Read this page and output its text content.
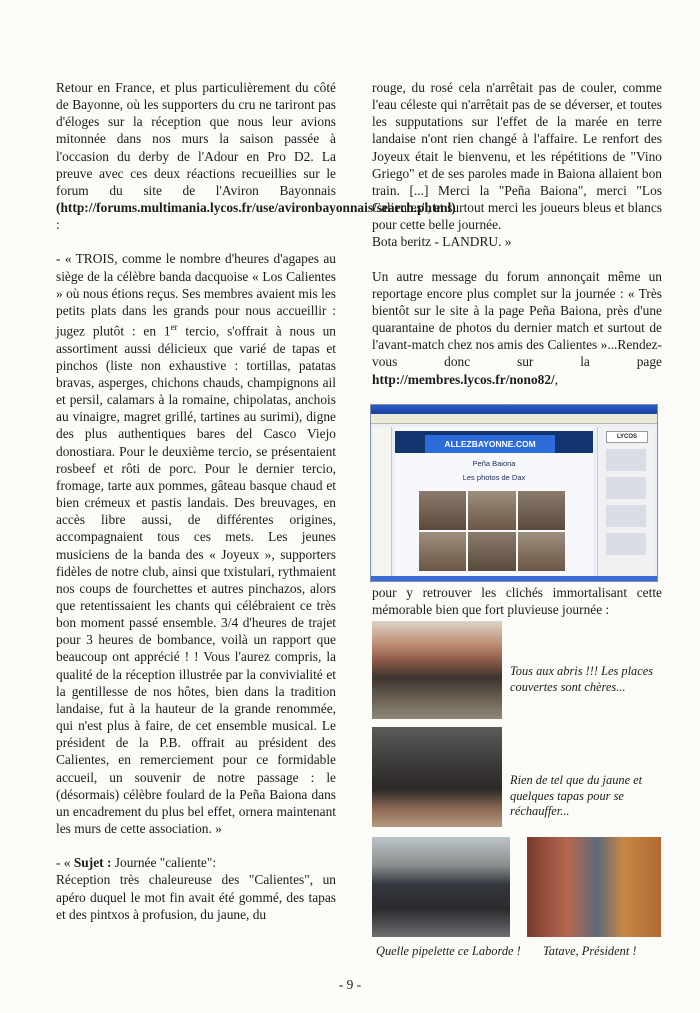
Retour en France, et plus particulièrement du côté de Bayonne, où les supporters du cru ne tariront pas d'éloges sur la réception que nous leur avions mitonnée dans nos murs la saison passée à l'occasion du derby de l'Adour en Pro D2. La preuve avec ces deux réactions recueillies sur le forum du site de l'Aviron Bayonnais (http://forums.multimania.lycos.fr/use/avironbayonnais/search.phtml) :

- « TROIS, comme le nombre d'heures d'agapes au siège de la célèbre banda dacquoise « Los Calientes » où nous étions reçus. Ses membres avaient mis les petits plats dans les grands pour nous accueillir : jugez plutôt : en 1er tercio, s'offrait à nous un assortiment aussi délicieux que varié de tapas et pinchos (liste non exhaustive : tortillas, patatas bravas, asperges, chichons chauds, champignons ail et persil, calamars à la romaine, chipolatas, anchois au vinaigre, magret grillé, tartines au surimi), digne des plus authentiques bares del Casco Viejo donostiara. Pour le deuxième tercio, se présentaient rosbeef et rôti de porc. Pour le dernier tercio, fromage, tarte aux pommes, gâteau basque chaud et bien crémeux et pastis landais. Des breuvages, en accès libre aussi, de différentes origines, accompagnaient tous ces mets. Les jeunes musiciens de la banda des « Joyeux », supporters fidèles de notre club, ainsi que txistulari, rythmaient nos coups de fourchettes et autres pinchazos, alors que retentissaient les chants qui célébraient ce très bon moment passé ensemble. 3/4 d'heures de trajet pour 3 heures de bombance, voilà un rapport que beaucoup ont apprécié ! ! Vous l'aurez compris, la qualité de la réception illustrée par la convivialité et la gentillesse de nos hôtes, bien dans la tradition landaise, fut à la hauteur de la grande renommée, qui n'est plus à faire, de cet ensemble musical. Le président de la P.B. offrait au président des Calientes, en remerciement pour ce formidable accueil, un souvenir de notre passage : le (désormais) célèbre foulard de la Peña Baiona dans un encadrement du plus bel effet, ornera maintenant les murs de cette association. »

- « Sujet : Journée "caliente":

Réception très chaleureuse des "Calientes", un apéro duquel le mot fin avait été gommé, des tapas et des pintxos à profusion, du jaune, du

rouge, du rosé cela n'arrêtait pas de couler, comme l'eau céleste qui n'arrêtait pas de se déverser, et toutes les supputations sur l'effet de la marée en terre landaise n'ont rien changé à l'affaire. Le renfort des Joyeux était le bienvenu, et les répétitions de "Vino Griego" et de ses paroles made in Baiona allaient bon train. [...] Merci la "Peña Baiona", merci "Los Calientes", et surtout merci les joueurs bleus et blancs pour cette belle journée.

Bota beritz - LANDRU. »

Un autre message du forum annonçait même un reportage encore plus complet sur la journée : « Très bientôt sur le site à la page Peña Baiona, près d'une quarantaine de photos du dernier match et surtout de l'avant-match chez nos amis des Calientes »...Rendez-vous donc sur la page http://membres.lycos.fr/nono82/,

ALLEZBAYONNE.COM
Peña Baiona
Les photos de Dax
LYCOS

pour y retrouver les clichés immortalisant cette mémorable bien que fort pluvieuse journée :

Tous aux abris !!! Les places couvertes sont chères...
Rien de tel que du jaune et quelques tapas pour se réchauffer...
Quelle pipelette ce Laborde !	Tatave, Président !
- 9 -
